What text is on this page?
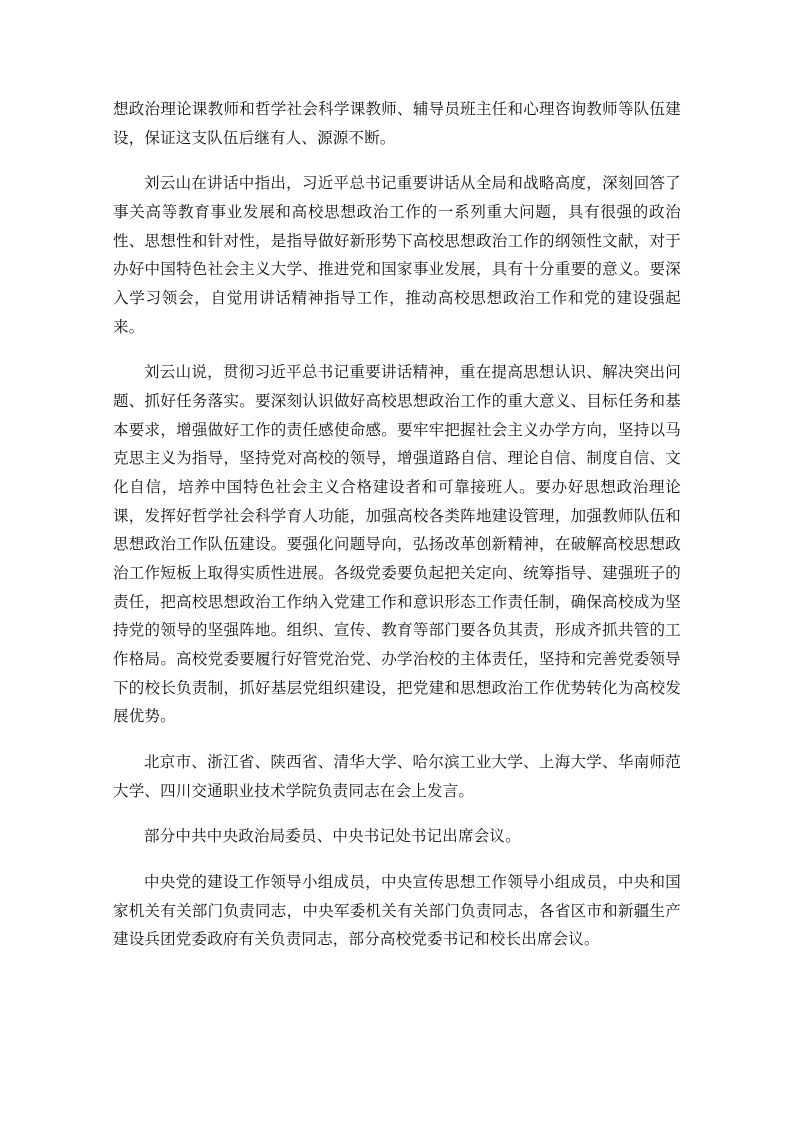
想政治理论课教师和哲学社会科学课教师、辅导员班主任和心理咨询教师等队伍建设，保证这支队伍后继有人、源源不断。

刘云山在讲话中指出，习近平总书记重要讲话从全局和战略高度，深刻回答了事关高等教育事业发展和高校思想政治工作的一系列重大问题，具有很强的政治性、思想性和针对性，是指导做好新形势下高校思想政治工作的纲领性文献，对于办好中国特色社会主义大学、推进党和国家事业发展，具有十分重要的意义。要深入学习领会，自觉用讲话精神指导工作，推动高校思想政治工作和党的建设强起来。

刘云山说，贯彻习近平总书记重要讲话精神，重在提高思想认识、解决突出问题、抓好任务落实。要深刻认识做好高校思想政治工作的重大意义、目标任务和基本要求，增强做好工作的责任感使命感。要牢牢把握社会主义办学方向，坚持以马克思主义为指导，坚持党对高校的领导，增强道路自信、理论自信、制度自信、文化自信，培养中国特色社会主义合格建设者和可靠接班人。要办好思想政治理论课，发挥好哲学社会科学育人功能，加强高校各类阵地建设管理，加强教师队伍和思想政治工作队伍建设。要强化问题导向，弘扬改革创新精神，在破解高校思想政治工作短板上取得实质性进展。各级党委要负起把关定向、统筹指导、建强班子的责任，把高校思想政治工作纳入党建工作和意识形态工作责任制，确保高校成为坚持党的领导的坚强阵地。组织、宣传、教育等部门要各负其责，形成齐抓共管的工作格局。高校党委要履行好管党治党、办学治校的主体责任，坚持和完善党委领导下的校长负责制，抓好基层党组织建设，把党建和思想政治工作优势转化为高校发展优势。

北京市、浙江省、陕西省、清华大学、哈尔滨工业大学、上海大学、华南师范大学、四川交通职业技术学院负责同志在会上发言。

部分中共中央政治局委员、中央书记处书记出席会议。

中央党的建设工作领导小组成员，中央宣传思想工作领导小组成员，中央和国家机关有关部门负责同志，中央军委机关有关部门负责同志，各省区市和新疆生产建设兵团党委政府有关负责同志，部分高校党委书记和校长出席会议。
